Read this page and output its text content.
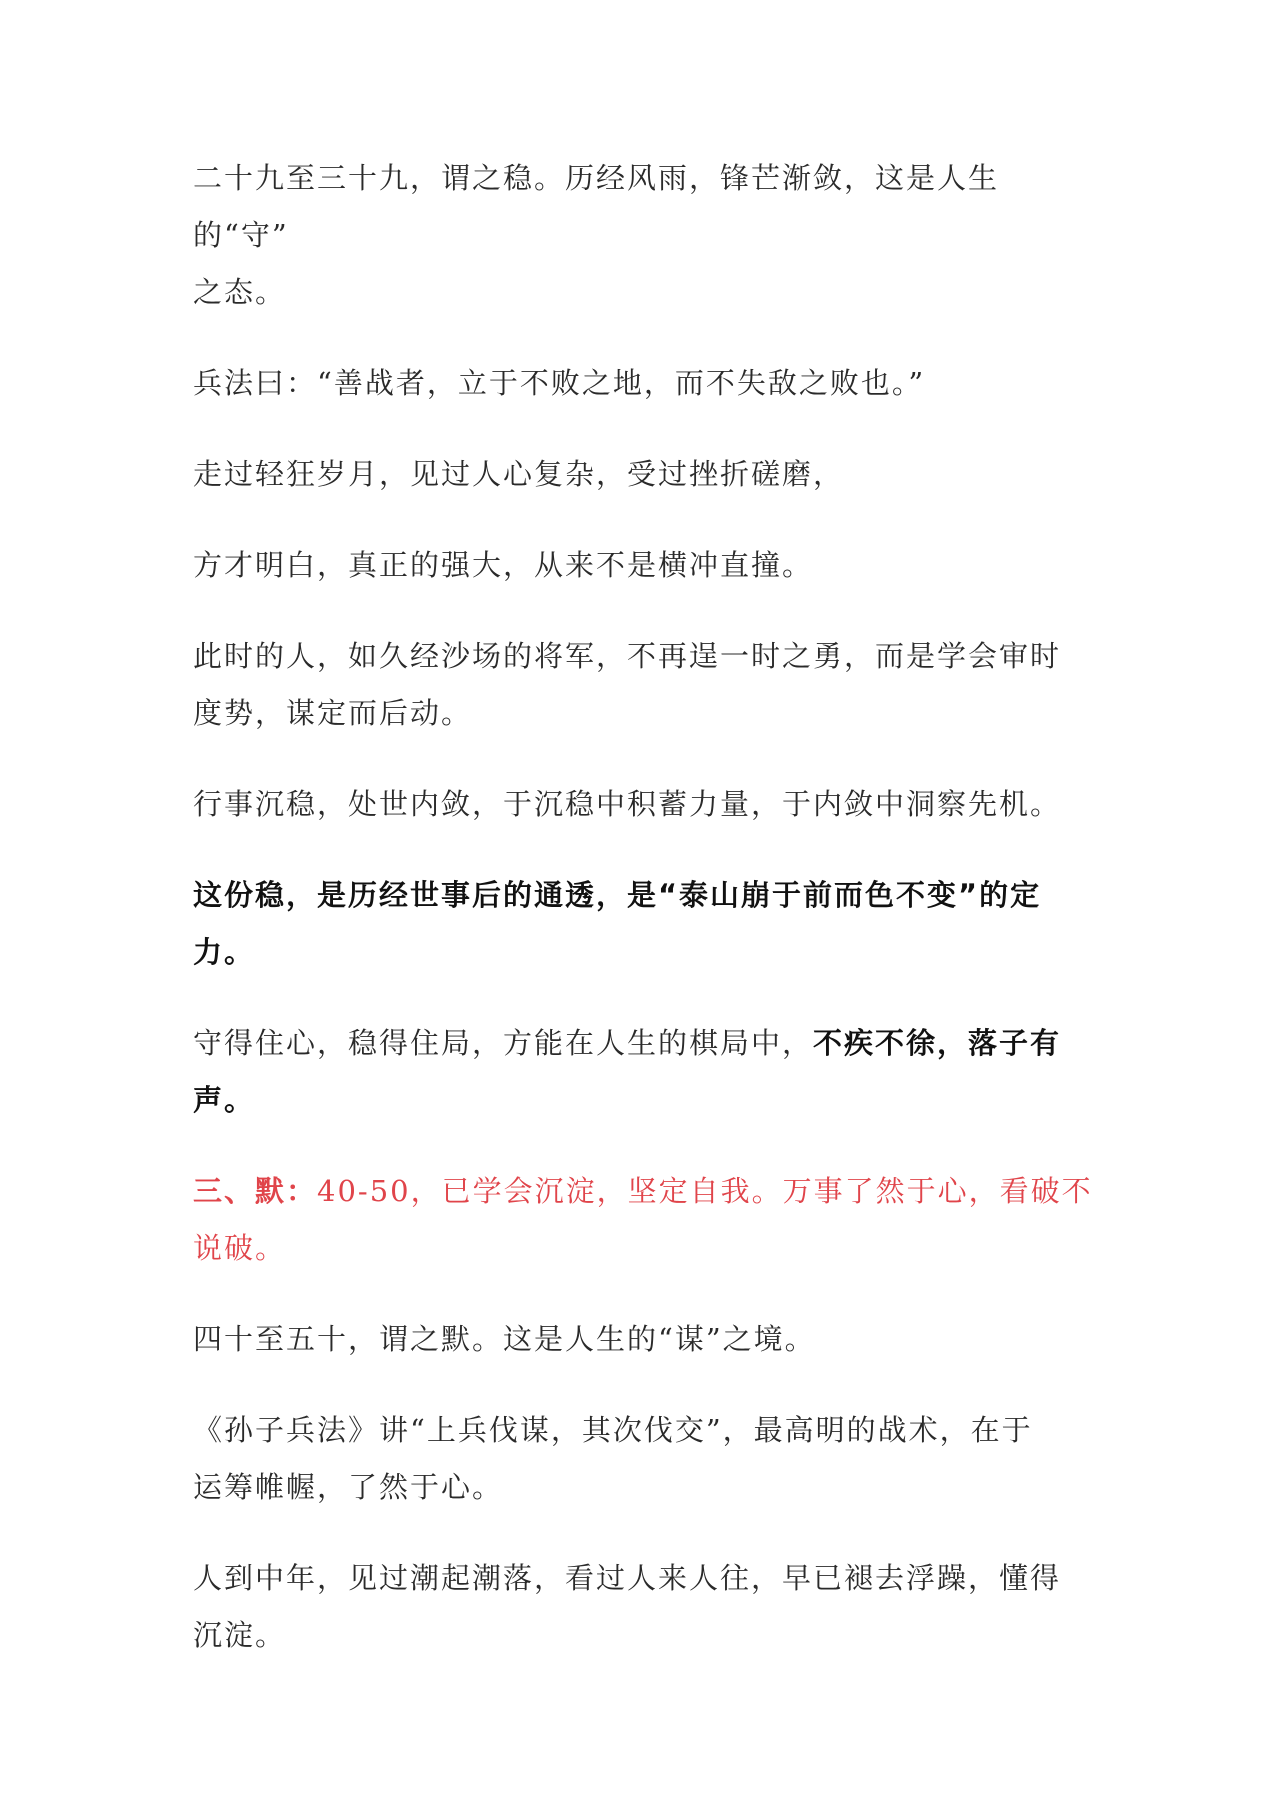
二十九至三十九，谓之稳。历经风雨，锋芒渐敛，这是人生的“守”
之态。

兵法曰：“善战者，立于不败之地，而不失敌之败也。”

走过轻狂岁月，见过人心复杂，受过挫折磋磨，

方才明白，真正的强大，从来不是横冲直撞。

此时的人，如久经沙场的将军，不再逞一时之勇，而是学会审时
度势，谋定而后动。

行事沉稳，处世内敛，于沉稳中积蓄力量，于内敛中洞察先机。

这份稳，是历经世事后的通透，是“泰山崩于前而色不变”的定
力。

守得住心，稳得住局，方能在人生的棋局中，不疾不徐，落子有
声。

三、默：40-50，已学会沉淀，坚定自我。万事了然于心，看破不
说破。

四十至五十，谓之默。这是人生的“谋”之境。

《孙子兵法》讲“上兵伐谋，其次伐交”，最高明的战术，在于
运筹帷幄，了然于心。

人到中年，见过潮起潮落，看过人来人往，早已褪去浮躁，懂得
沉淀。
